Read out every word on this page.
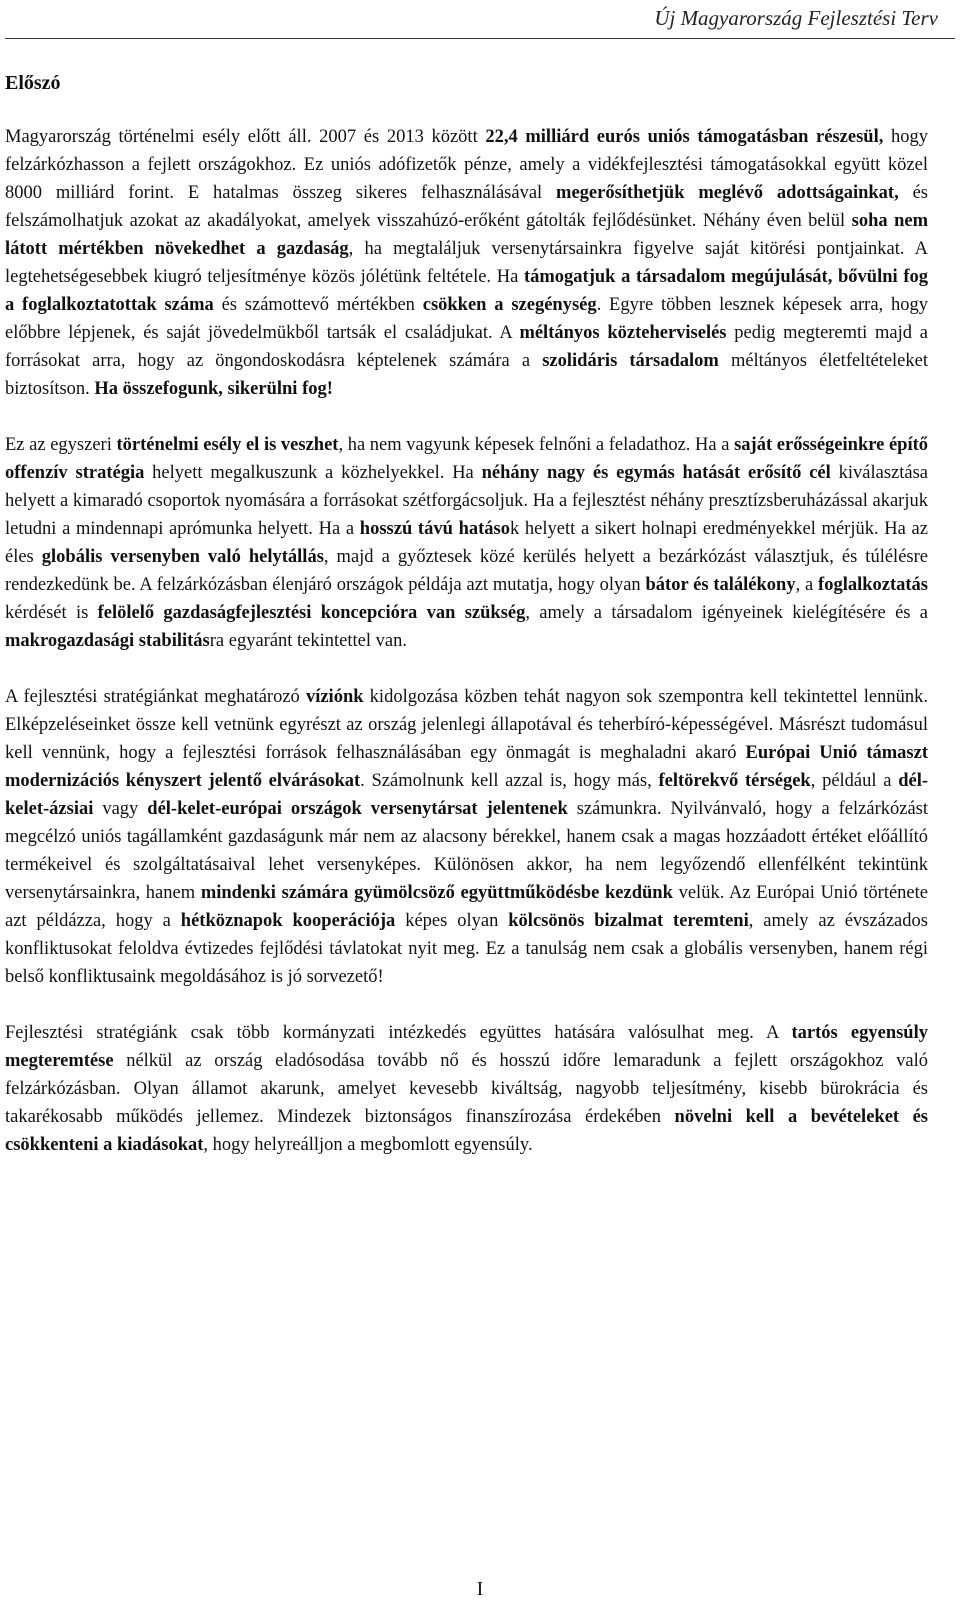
Új Magyarország Fejlesztési Terv
Előszó

Magyarország történelmi esély előtt áll. 2007 és 2013 között 22,4 milliárd eurós uniós támogatásban részesül, hogy felzárkózhasson a fejlett országokhoz. Ez uniós adófizetők pénze, amely a vidékfejlesztési támogatásokkal együtt közel 8000 milliárd forint. E hatalmas összeg sikeres felhasználásával megerősíthetjük meglévő adottságainkat, és felszámolhatjuk azokat az akadályokat, amelyek visszahúzó-erőként gátolták fejlődésünket. Néhány éven belül soha nem látott mértékben növekedhet a gazdaság, ha megtaláljuk versenytársainkra figyelve saját kitörési pontjainkat. A legtehetségesebbek kiugró teljesítménye közös jólétünk feltétele. Ha támogatjuk a társadalom megújulását, bővülni fog a foglalkoztatottak száma és számottevő mértékben csökken a szegénység. Egyre többen lesznek képesek arra, hogy előbbre lépjenek, és saját jövedelmükből tartsák el családjukat. A méltányos közteherviselés pedig megteremti majd a forrásokat arra, hogy az öngondoskodásra képtelenek számára a szolidáris társadalom méltányos életfeltételeket biztosítson. Ha összefogunk, sikerülni fog!

Ez az egyszeri történelmi esély el is veszhet, ha nem vagyunk képesek felnőni a feladathoz. Ha a saját erősségeinkre építő offenzív stratégia helyett megalkuszunk a közhelyekkel. Ha néhány nagy és egymás hatását erősítő cél kiválasztása helyett a kimaradó csoportok nyomására a forrásokat szétforgácsoljuk. Ha a fejlesztést néhány presztízsberuházással akarjuk letudni a mindennapi aprómunka helyett. Ha a hosszú távú hatások helyett a sikert holnapi eredményekkel mérjük. Ha az éles globális versenyben való helytállás, majd a győztesek közé kerülés helyett a bezárkózást választjuk, és túlélésre rendezkedünk be. A felzárkózásban élenjáró országok példája azt mutatja, hogy olyan bátor és találékony, a foglalkoztatás kérdését is felölelő gazdaságfejlesztési koncepcióra van szükség, amely a társadalom igényeinek kielégítésére és a makrogazdasági stabilitásra egyaránt tekintettel van.

A fejlesztési stratégiánkat meghatározó víziónk kidolgozása közben tehát nagyon sok szempontra kell tekintettel lennünk. Elképzeléseinket össze kell vetnünk egyrészt az ország jelenlegi állapotával és teherbíró-képességével. Másrészt tudomásul kell vennünk, hogy a fejlesztési források felhasználásában egy önmagát is meghaladni akaró Európai Unió támaszt modernizációs kényszert jelentő elvárásokat. Számolnunk kell azzal is, hogy más, feltörekvő térségek, például a dél-kelet-ázsiai vagy dél-kelet-európai országok versenytársat jelentenek számunkra. Nyilvánvaló, hogy a felzárkózást megcélzó uniós tagállamként gazdaságunk már nem az alacsony bérekkel, hanem csak a magas hozzáadott értéket előállító termékeivel és szolgáltatásaival lehet versenyképes. Különösen akkor, ha nem legyőzendő ellenfélként tekintünk versenytársainkra, hanem mindenki számára gyümölcsöző együttműködésbe kezdünk velük. Az Európai Unió története azt példázza, hogy a hétköznapok kooperációja képes olyan kölcsönös bizalmat teremteni, amely az évszázados konfliktusokat feloldva évtizedes fejlődési távlatokat nyit meg. Ez a tanulság nem csak a globális versenyben, hanem régi belső konfliktusaink megoldásához is jó sorvezető!

Fejlesztési stratégiánk csak több kormányzati intézkedés együttes hatására valósulhat meg. A tartós egyensúly megteremtése nélkül az ország eladósodása tovább nő és hosszú időre lemaradunk a fejlett országokhoz való felzárkózásban. Olyan államot akarunk, amelyet kevesebb kiváltság, nagyobb teljesítmény, kisebb bürokrácia és takarékosabb működés jellemez. Mindezek biztonságos finanszírozása érdekében növelni kell a bevételeket és csökkenteni a kiadásokat, hogy helyreálljon a megbomlott egyensúly.

I
